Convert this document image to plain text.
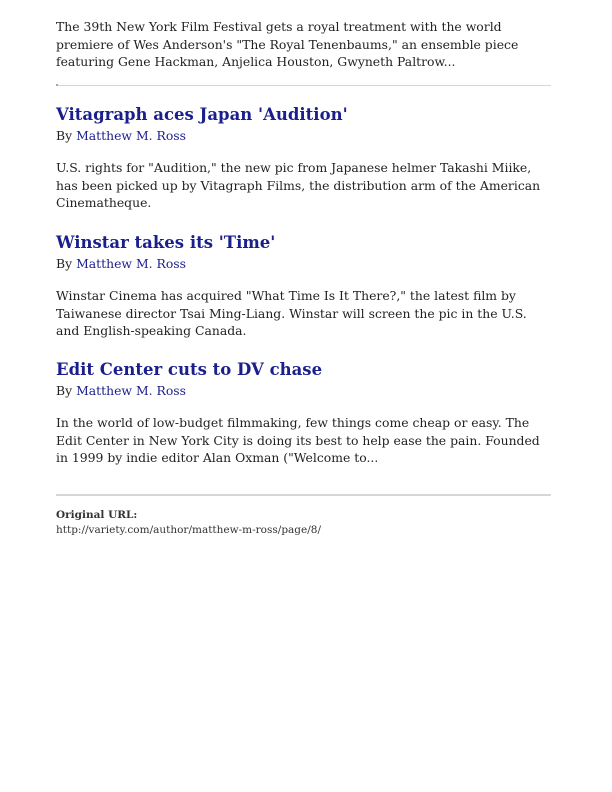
The 39th New York Film Festival gets a royal treatment with the world premiere of Wes Anderson's "The Royal Tenenbaums," an ensemble piece featuring Gene Hackman, Anjelica Houston, Gwyneth Paltrow...

Vitagraph aces Japan 'Audition'

By Matthew M. Ross

U.S. rights for "Audition," the new pic from Japanese helmer Takashi Miike, has been picked up by Vitagraph Films, the distribution arm of the American Cinematheque.

Winstar takes its 'Time'

By Matthew M. Ross

Winstar Cinema has acquired "What Time Is It There?," the latest film by Taiwanese director Tsai Ming-Liang. Winstar will screen the pic in the U.S. and English-speaking Canada.

Edit Center cuts to DV chase

By Matthew M. Ross

In the world of low-budget filmmaking, few things come cheap or easy. The Edit Center in New York City is doing its best to help ease the pain. Founded in 1999 by indie editor Alan Oxman ("Welcome to...

Original URL:

http://variety.com/author/matthew-m-ross/page/8/
